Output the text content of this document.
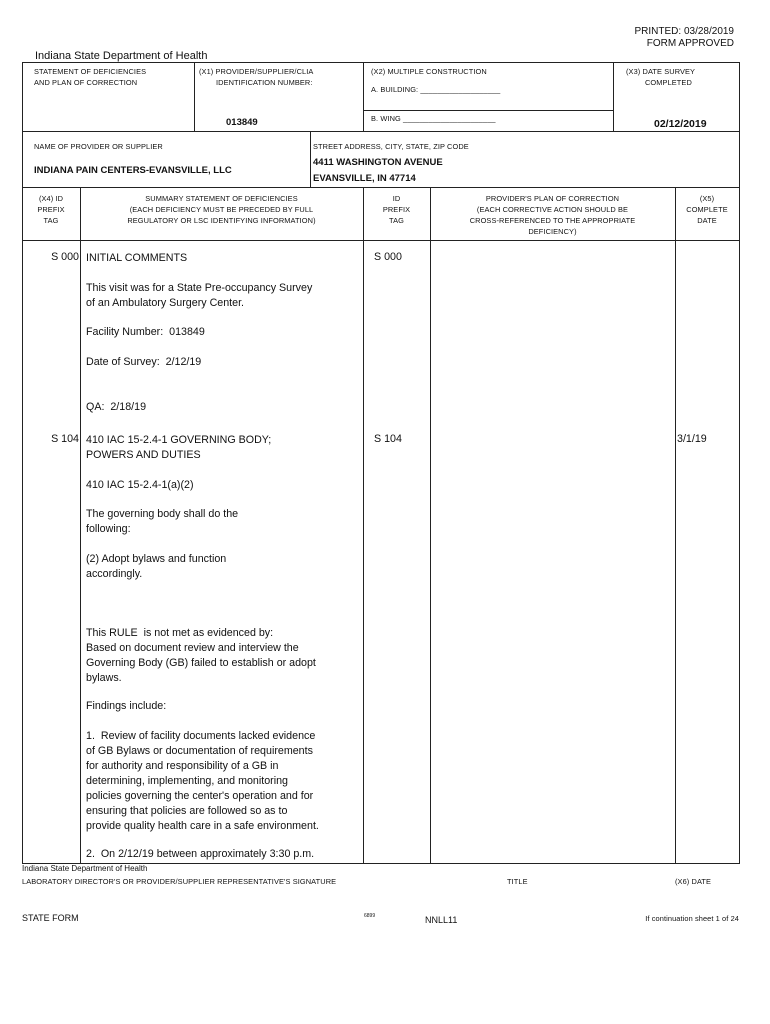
PRINTED: 03/28/2019
FORM APPROVED
Indiana State Department of Health
STATEMENT OF DEFICIENCIES
AND PLAN OF CORRECTION
(X1) PROVIDER/SUPPLIER/CLIA
IDENTIFICATION NUMBER:
013849
(X2) MULTIPLE CONSTRUCTION
A. BUILDING: ___________________
B. WING ______________________
(X3) DATE SURVEY
COMPLETED
02/12/2019
NAME OF PROVIDER OR SUPPLIER
INDIANA PAIN CENTERS-EVANSVILLE, LLC
STREET ADDRESS, CITY, STATE, ZIP CODE
4411 WASHINGTON AVENUE
EVANSVILLE, IN 47714
(X4) ID
PREFIX
TAG
SUMMARY STATEMENT OF DEFICIENCIES
(EACH DEFICIENCY MUST BE PRECEDED BY FULL
REGULATORY OR LSC IDENTIFYING INFORMATION)
ID
PREFIX
TAG
PROVIDER'S PLAN OF CORRECTION
(EACH CORRECTIVE ACTION SHOULD BE
CROSS-REFERENCED TO THE APPROPRIATE
DEFICIENCY)
(X5)
COMPLETE
DATE
S 000 INITIAL COMMENTS	S 000
This visit was for a State Pre-occupancy Survey
of an Ambulatory Surgery Center.
Facility Number:  013849
Date of Survey:  2/12/19
QA:  2/18/19
S 104 410 IAC 15-2.4-1 GOVERNING BODY;
POWERS AND DUTIES
S 104	3/1/19
410 IAC 15-2.4-1(a)(2)
The governing body shall do the
following:
(2) Adopt bylaws and function
accordingly.
This RULE  is not met as evidenced by:
Based on document review and interview the
Governing Body (GB) failed to establish or adopt
bylaws.
Findings include:
1.  Review of facility documents lacked evidence
of GB Bylaws or documentation of requirements
for authority and responsibility of a GB in
determining, implementing, and monitoring
policies governing the center's operation and for
ensuring that policies are followed so as to
provide quality health care in a safe environment.
2.  On 2/12/19 between approximately 3:30 p.m.
Indiana State Department of Health
LABORATORY DIRECTOR'S OR PROVIDER/SUPPLIER REPRESENTATIVE'S SIGNATURE	TITLE	(X6) DATE
STATE FORM	6899	NNLL11	If continuation sheet 1 of 24
